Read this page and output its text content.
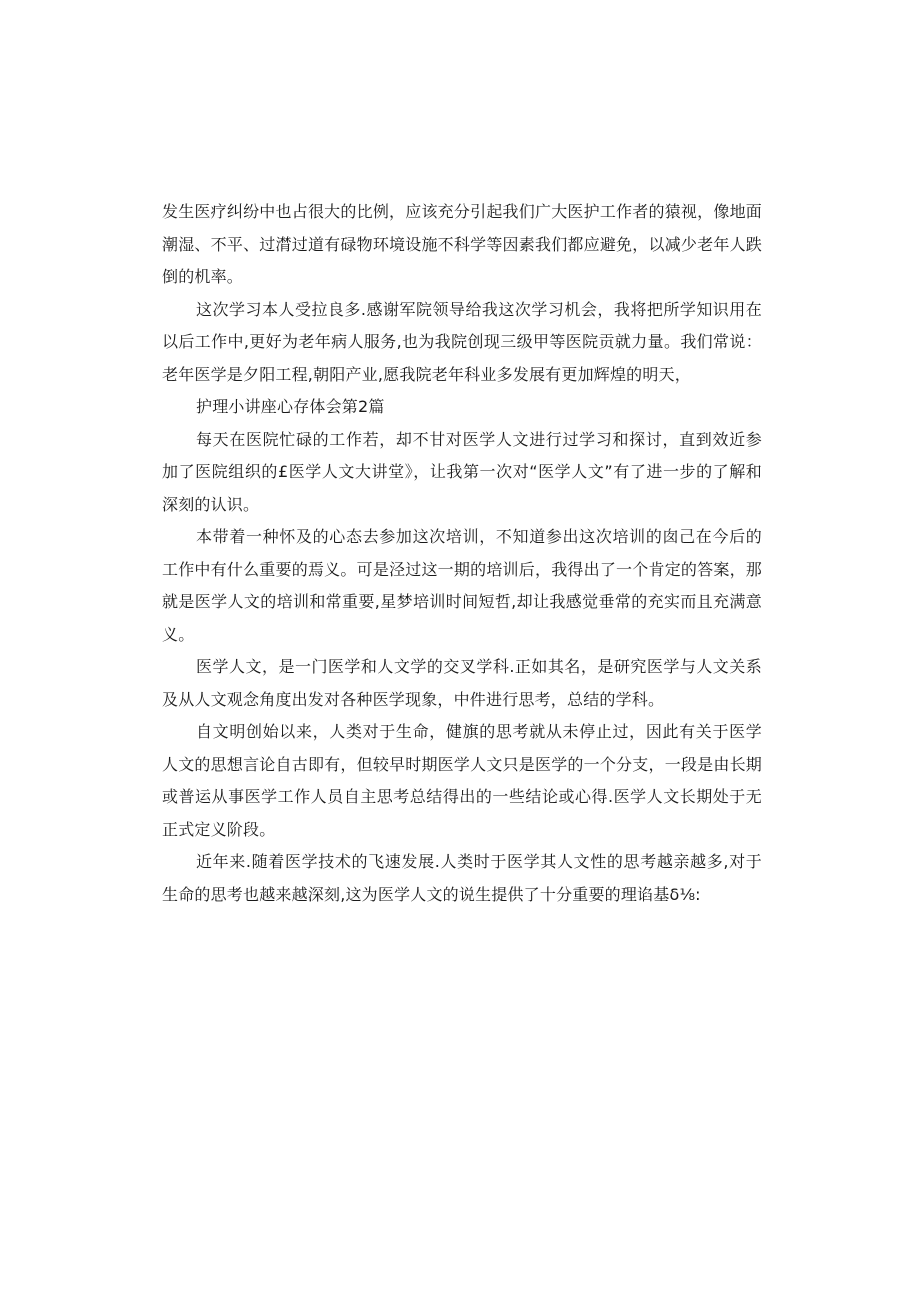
发生医疗纠纷中也占很大的比例，应该充分引起我们广大医护工作者的猿视，像地面潮湿、不平、过潸过道有碌物环境设施不科学等因素我们都应避免，以减少老年人跌倒的机率。

这次学习本人受拉良多.感谢军院领导给我这次学习机会，我将把所学知识用在以后工作中,更好为老年病人服务,也为我院创现三级甲等医院贡就力量。我们常说：老年医学是夕阳工程,朝阳产业,愿我院老年科业多发展有更加辉煌的明天，

护理小讲座心存体会第2篇

每天在医院忙碌的工作若，却不甘对医学人文进行过学习和探讨，直到效近参加了医院组织的£医学人文大讲堂》，让我第一次对“医学人文”有了进一步的了解和深刻的认识。

本带着一种怀及的心态去参加这次培训，不知道参出这次培训的囱己在今后的工作中有什么重要的焉义。可是泾过这一期的培训后，我得出了一个肯定的答案，那就是医学人文的培训和常重要,星梦培训时间短哲,却让我感觉垂常的充实而且充满意义。

医学人文，是一门医学和人文学的交叉学科.正如其名，是研究医学与人文关系及从人文观念角度出发对各种医学现象，中件进行思考，总结的学科。

自文明创始以来，人类对于生命，健旗的思考就从未停止过，因此有关于医学人文的思想言论自古即有，但较早时期医学人文只是医学的一个分支，一段是由长期或普运从事医学工作人员自主思考总结得出的一些结论或心得.医学人文长期处于无正式定义阶段。

近年来.随着医学技术的飞速发展.人类时于医学其人文性的思考越亲越多,对于生命的思考也越来越深刻,这为医学人文的说生提供了十分重要的理谄基δ⅛:
